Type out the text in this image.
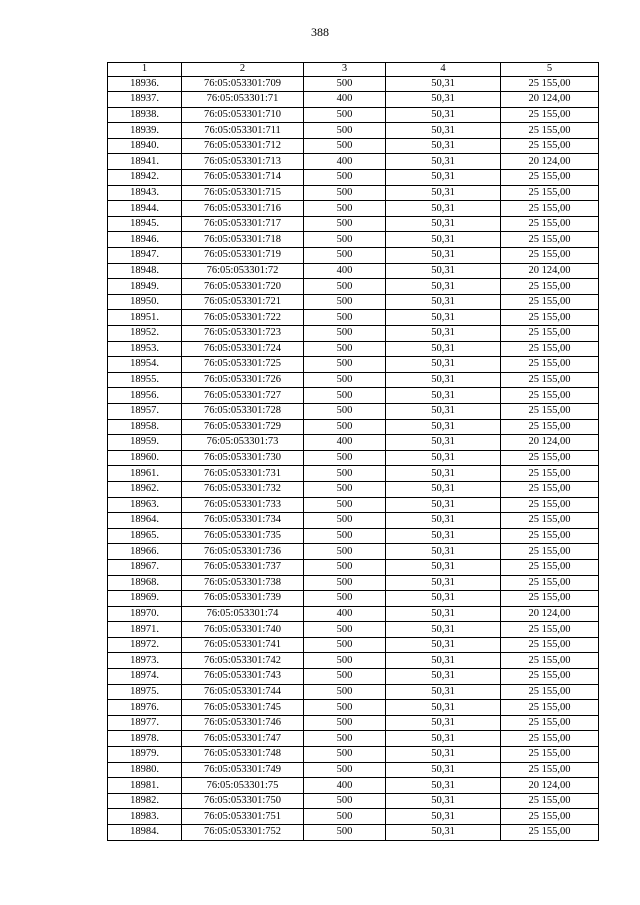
388
1	2	3	4	5
18936.	76:05:053301:709	500	50,31	25 155,00
18937.	76:05:053301:71	400	50,31	20 124,00
18938.	76:05:053301:710	500	50,31	25 155,00
18939.	76:05:053301:711	500	50,31	25 155,00
18940.	76:05:053301:712	500	50,31	25 155,00
18941.	76:05:053301:713	400	50,31	20 124,00
18942.	76:05:053301:714	500	50,31	25 155,00
18943.	76:05:053301:715	500	50,31	25 155,00
18944.	76:05:053301:716	500	50,31	25 155,00
18945.	76:05:053301:717	500	50,31	25 155,00
18946.	76:05:053301:718	500	50,31	25 155,00
18947.	76:05:053301:719	500	50,31	25 155,00
18948.	76:05:053301:72	400	50,31	20 124,00
18949.	76:05:053301:720	500	50,31	25 155,00
18950.	76:05:053301:721	500	50,31	25 155,00
18951.	76:05:053301:722	500	50,31	25 155,00
18952.	76:05:053301:723	500	50,31	25 155,00
18953.	76:05:053301:724	500	50,31	25 155,00
18954.	76:05:053301:725	500	50,31	25 155,00
18955.	76:05:053301:726	500	50,31	25 155,00
18956.	76:05:053301:727	500	50,31	25 155,00
18957.	76:05:053301:728	500	50,31	25 155,00
18958.	76:05:053301:729	500	50,31	25 155,00
18959.	76:05:053301:73	400	50,31	20 124,00
18960.	76:05:053301:730	500	50,31	25 155,00
18961.	76:05:053301:731	500	50,31	25 155,00
18962.	76:05:053301:732	500	50,31	25 155,00
18963.	76:05:053301:733	500	50,31	25 155,00
18964.	76:05:053301:734	500	50,31	25 155,00
18965.	76:05:053301:735	500	50,31	25 155,00
18966.	76:05:053301:736	500	50,31	25 155,00
18967.	76:05:053301:737	500	50,31	25 155,00
18968.	76:05:053301:738	500	50,31	25 155,00
18969.	76:05:053301:739	500	50,31	25 155,00
18970.	76:05:053301:74	400	50,31	20 124,00
18971.	76:05:053301:740	500	50,31	25 155,00
18972.	76:05:053301:741	500	50,31	25 155,00
18973.	76:05:053301:742	500	50,31	25 155,00
18974.	76:05:053301:743	500	50,31	25 155,00
18975.	76:05:053301:744	500	50,31	25 155,00
18976.	76:05:053301:745	500	50,31	25 155,00
18977.	76:05:053301:746	500	50,31	25 155,00
18978.	76:05:053301:747	500	50,31	25 155,00
18979.	76:05:053301:748	500	50,31	25 155,00
18980.	76:05:053301:749	500	50,31	25 155,00
18981.	76:05:053301:75	400	50,31	20 124,00
18982.	76:05:053301:750	500	50,31	25 155,00
18983.	76:05:053301:751	500	50,31	25 155,00
18984.	76:05:053301:752	500	50,31	25 155,00
